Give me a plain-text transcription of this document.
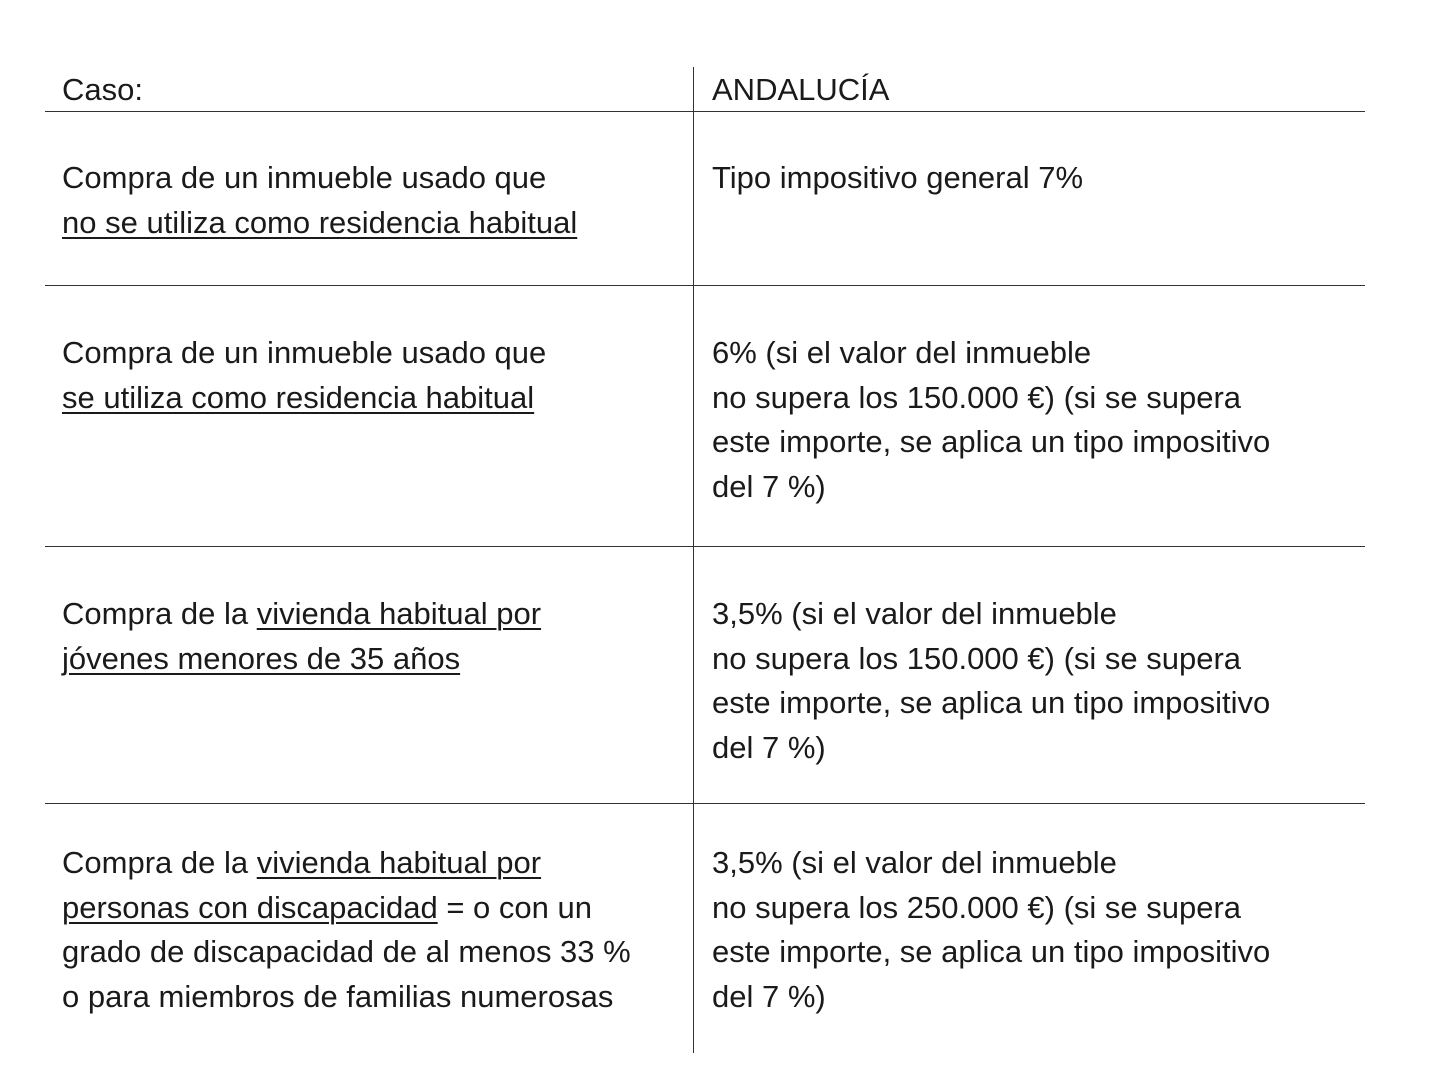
Caso:	ANDALUCÍA
Compra de un inmueble usado que
no se utiliza como residencia habitual
Tipo impositivo general 7%
Compra de un inmueble usado que
se utiliza como residencia habitual
6% (si el valor del inmueble
no supera los 150.000 €) (si se supera
este importe, se aplica un tipo impositivo
del 7 %)
Compra de la vivienda habitual por
jóvenes menores de 35 años
3,5% (si el valor del inmueble
no supera los 150.000 €) (si se supera
este importe, se aplica un tipo impositivo
del 7 %)
Compra de la vivienda habitual por
personas con discapacidad = o con un
grado de discapacidad de al menos 33 %
o para miembros de familias numerosas
3,5% (si el valor del inmueble
no supera los 250.000 €) (si se supera
este importe, se aplica un tipo impositivo
del 7 %)
